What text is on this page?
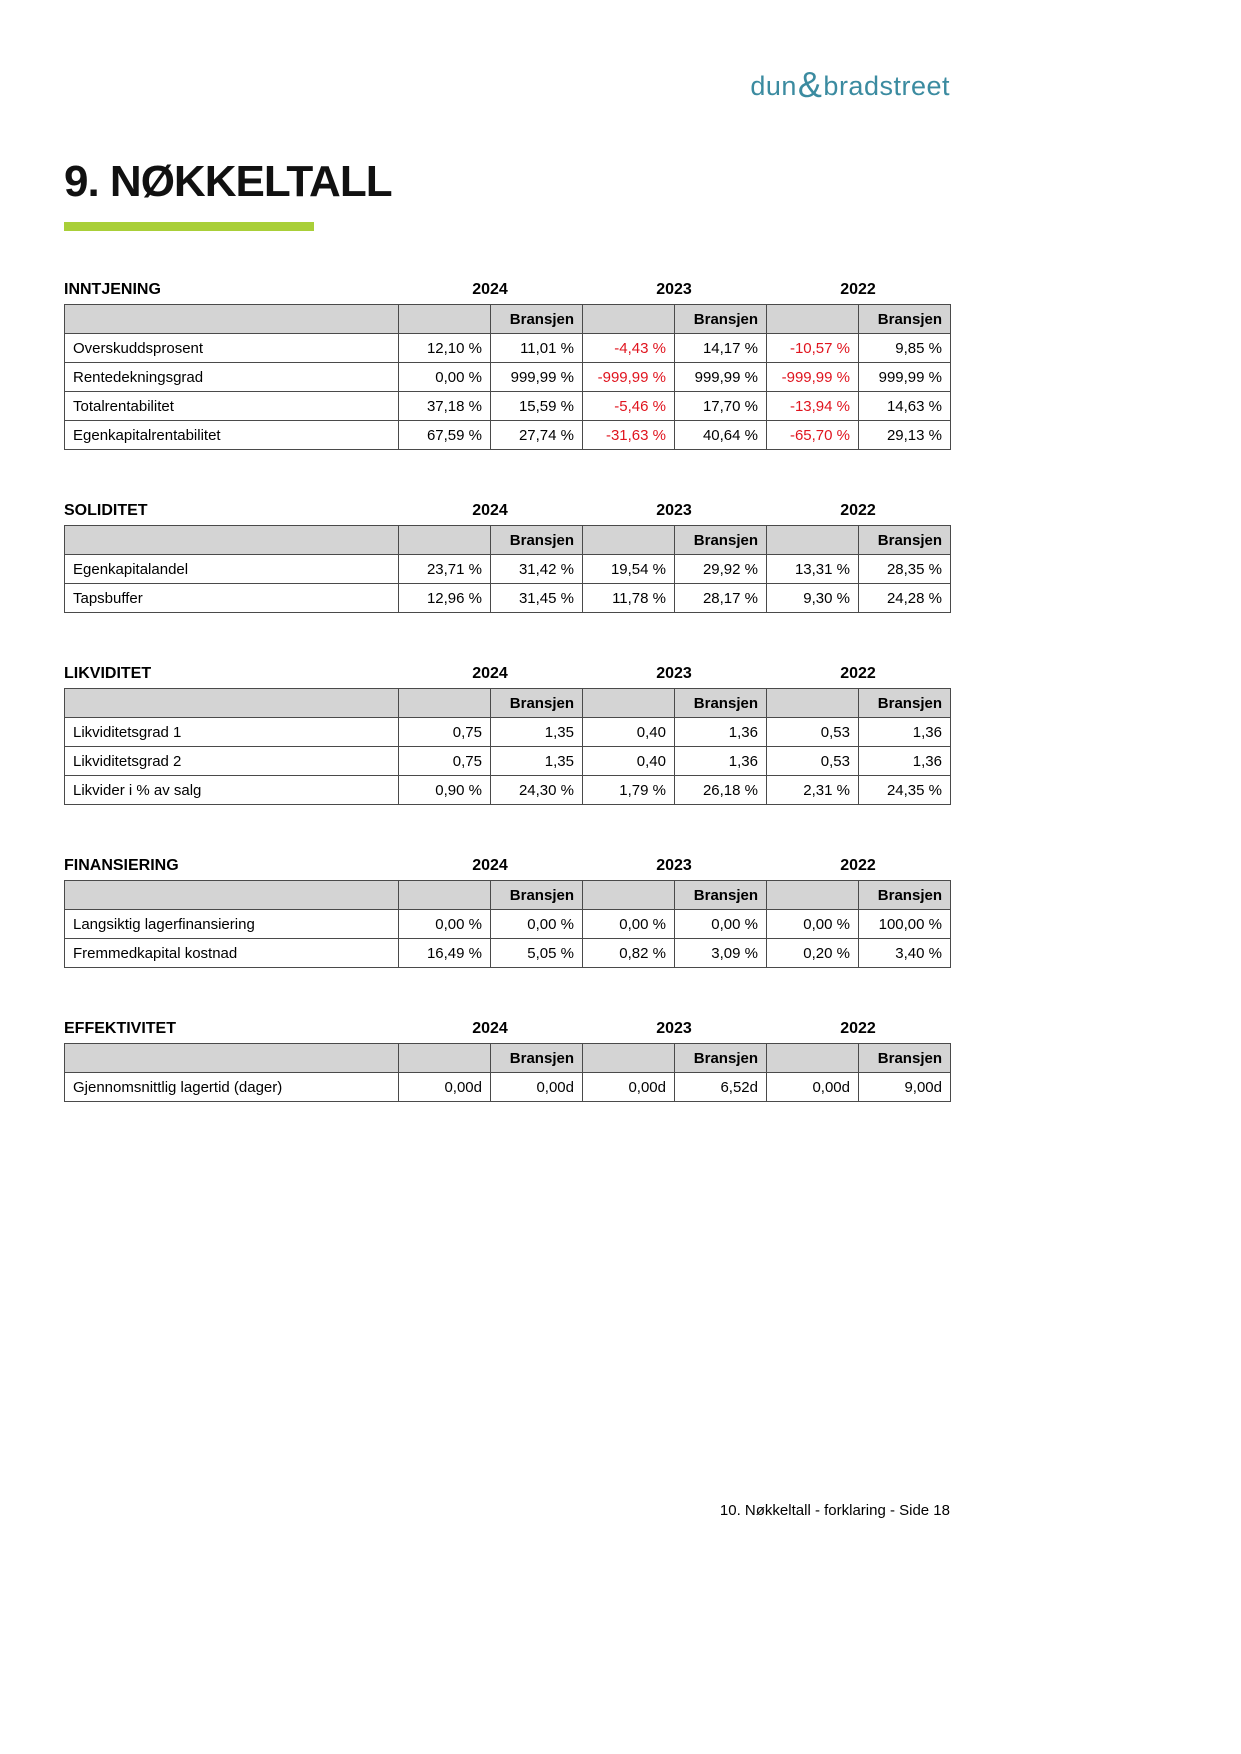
dun&bradstreet
9. NØKKELTALL
INNTJENING	2024	2023	2022
		Bransjen		Bransjen		Bransjen
Overskuddsprosent	12,10 %	11,01 %	-4,43 %	14,17 %	-10,57 %	9,85 %
Rentedekningsgrad	0,00 %	999,99 %	-999,99 %	999,99 %	-999,99 %	999,99 %
Totalrentabilitet	37,18 %	15,59 %	-5,46 %	17,70 %	-13,94 %	14,63 %
Egenkapitalrentabilitet	67,59 %	27,74 %	-31,63 %	40,64 %	-65,70 %	29,13 %
SOLIDITET	2024	2023	2022
		Bransjen		Bransjen		Bransjen
Egenkapitalandel	23,71 %	31,42 %	19,54 %	29,92 %	13,31 %	28,35 %
Tapsbuffer	12,96 %	31,45 %	11,78 %	28,17 %	9,30 %	24,28 %
LIKVIDITET	2024	2023	2022
		Bransjen		Bransjen		Bransjen
Likviditetsgrad 1	0,75	1,35	0,40	1,36	0,53	1,36
Likviditetsgrad 2	0,75	1,35	0,40	1,36	0,53	1,36
Likvider i % av salg	0,90 %	24,30 %	1,79 %	26,18 %	2,31 %	24,35 %
FINANSIERING	2024	2023	2022
		Bransjen		Bransjen		Bransjen
Langsiktig lagerfinansiering	0,00 %	0,00 %	0,00 %	0,00 %	0,00 %	100,00 %
Fremmedkapital kostnad	16,49 %	5,05 %	0,82 %	3,09 %	0,20 %	3,40 %
EFFEKTIVITET	2024	2023	2022
		Bransjen		Bransjen		Bransjen
Gjennomsnittlig lagertid (dager)	0,00d	0,00d	0,00d	6,52d	0,00d	9,00d
10. Nøkkeltall - forklaring - Side 18
